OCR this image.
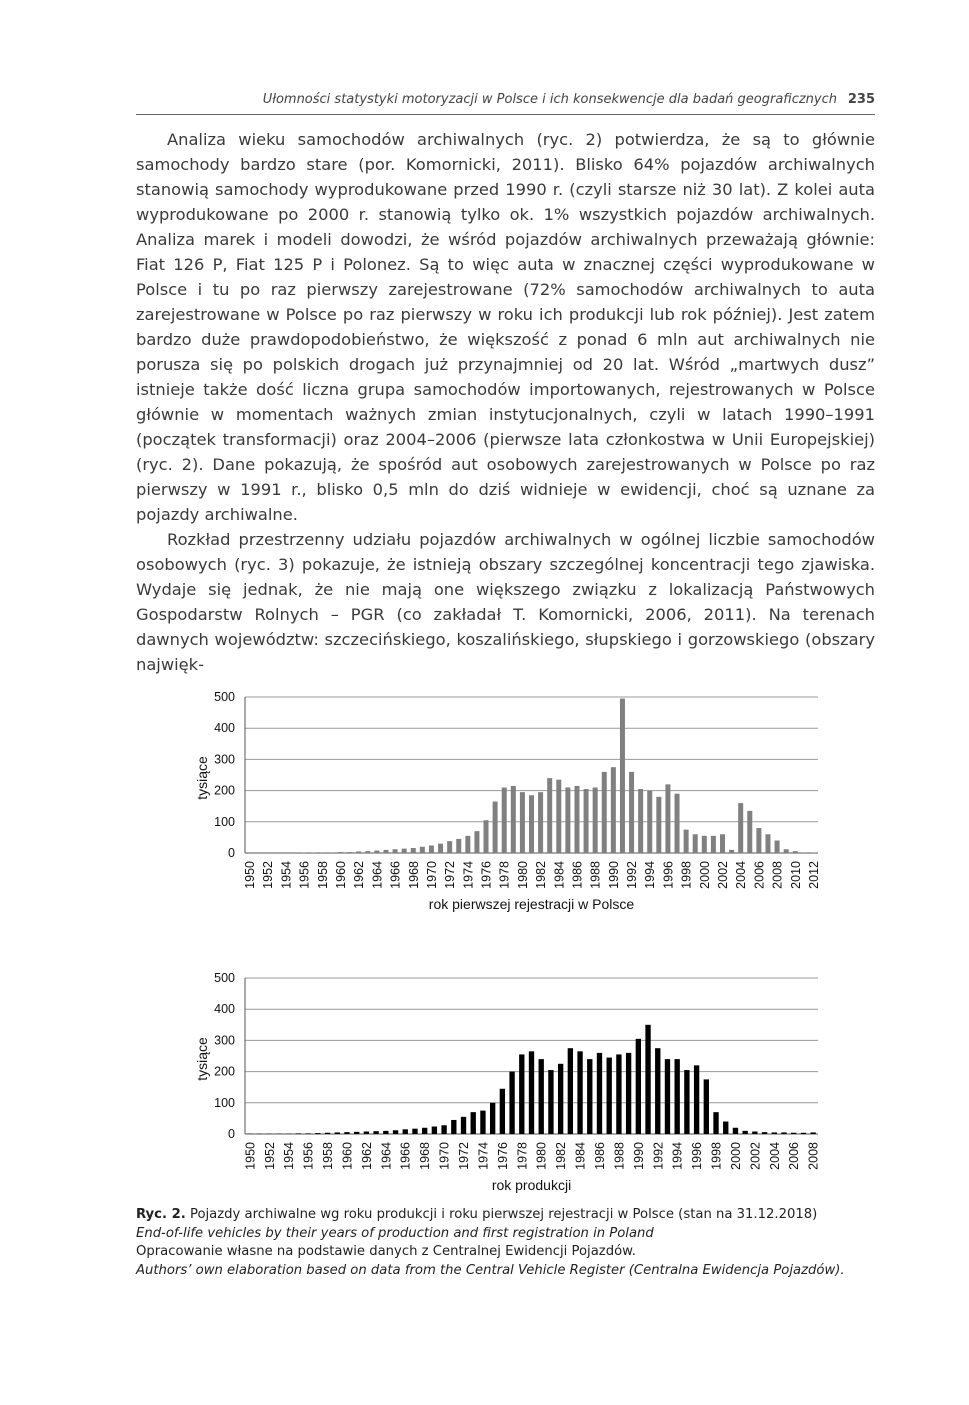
Ułomności statystyki motoryzacji w Polsce i ich konsekwencje dla badań geograficznych 235

Analiza wieku samochodów archiwalnych (ryc. 2) potwierdza, że są to głównie samochody bardzo stare (por. Komornicki, 2011). Blisko 64% pojazdów archiwalnych stanowią samochody wyprodukowane przed 1990 r. (czyli starsze niż 30 lat). Z kolei auta wyprodukowane po 2000 r. stanowią tylko ok. 1% wszystkich pojazdów archiwalnych. Analiza marek i modeli dowodzi, że wśród pojazdów archiwalnych przeważają głównie: Fiat 126 P, Fiat 125 P i Polonez. Są to więc auta w znacznej części wyprodukowane w Polsce i tu po raz pierwszy zarejestrowane (72% samochodów archiwalnych to auta zarejestrowane w Polsce po raz pierwszy w roku ich produkcji lub rok później). Jest zatem bardzo duże prawdopodobieństwo, że większość z ponad 6 mln aut archiwalnych nie porusza się po polskich drogach już przynajmniej od 20 lat. Wśród „martwych dusz” istnieje także dość liczna grupa samochodów importowanych, rejestrowanych w Polsce głównie w momentach ważnych zmian instytucjonalnych, czyli w latach 1990–1991 (początek transformacji) oraz 2004–2006 (pierwsze lata członkostwa w Unii Europejskiej) (ryc. 2). Dane pokazują, że spośród aut osobowych zarejestrowanych w Polsce po raz pierwszy w 1991 r., blisko 0,5 mln do dziś widnieje w ewidencji, choć są uznane za pojazdy archiwalne.

Rozkład przestrzenny udziału pojazdów archiwalnych w ogólnej liczbie samochodów osobowych (ryc. 3) pokazuje, że istnieją obszary szczególnej koncentracji tego zjawiska. Wydaje się jednak, że nie mają one większego związku z lokalizacją Państwowych Gospodarstw Rolnych – PGR (co zakładał T. Komornicki, 2006, 2011). Na terenach dawnych województw: szczecińskiego, koszalińskiego, słupskiego i gorzowskiego (obszary najwięk-

0
100
200
300
400
500
1950 1952 1954 1956 1958 1960 1962 1964 1966 1968 1970 1972 1974 1976 1978 1980 1982 1984 1986 1988 1990 1992 1994 1996 1998 2000 2002 2004 2006 2008 2010 2012
tysiące
rok pierwszej rejestracji w Polsce
0
100
200
300
400
500
1950 1952 1954 1956 1958 1960 1962 1964 1966 1968 1970 1972 1974 1976 1978 1980 1982 1984 1986 1988 1990 1992 1994 1996 1998 2000 2002 2004 2006 2008
tysiące
rok produkcji
Ryc. 2. Pojazdy archiwalne wg roku produkcji i roku pierwszej rejestracji w Polsce (stan na 31.12.2018)
End-of-life vehicles by their years of production and first registration in Poland
Opracowanie własne na podstawie danych z Centralnej Ewidencji Pojazdów.
Authors’ own elaboration based on data from the Central Vehicle Register (Centralna Ewidencja Pojazdów).
